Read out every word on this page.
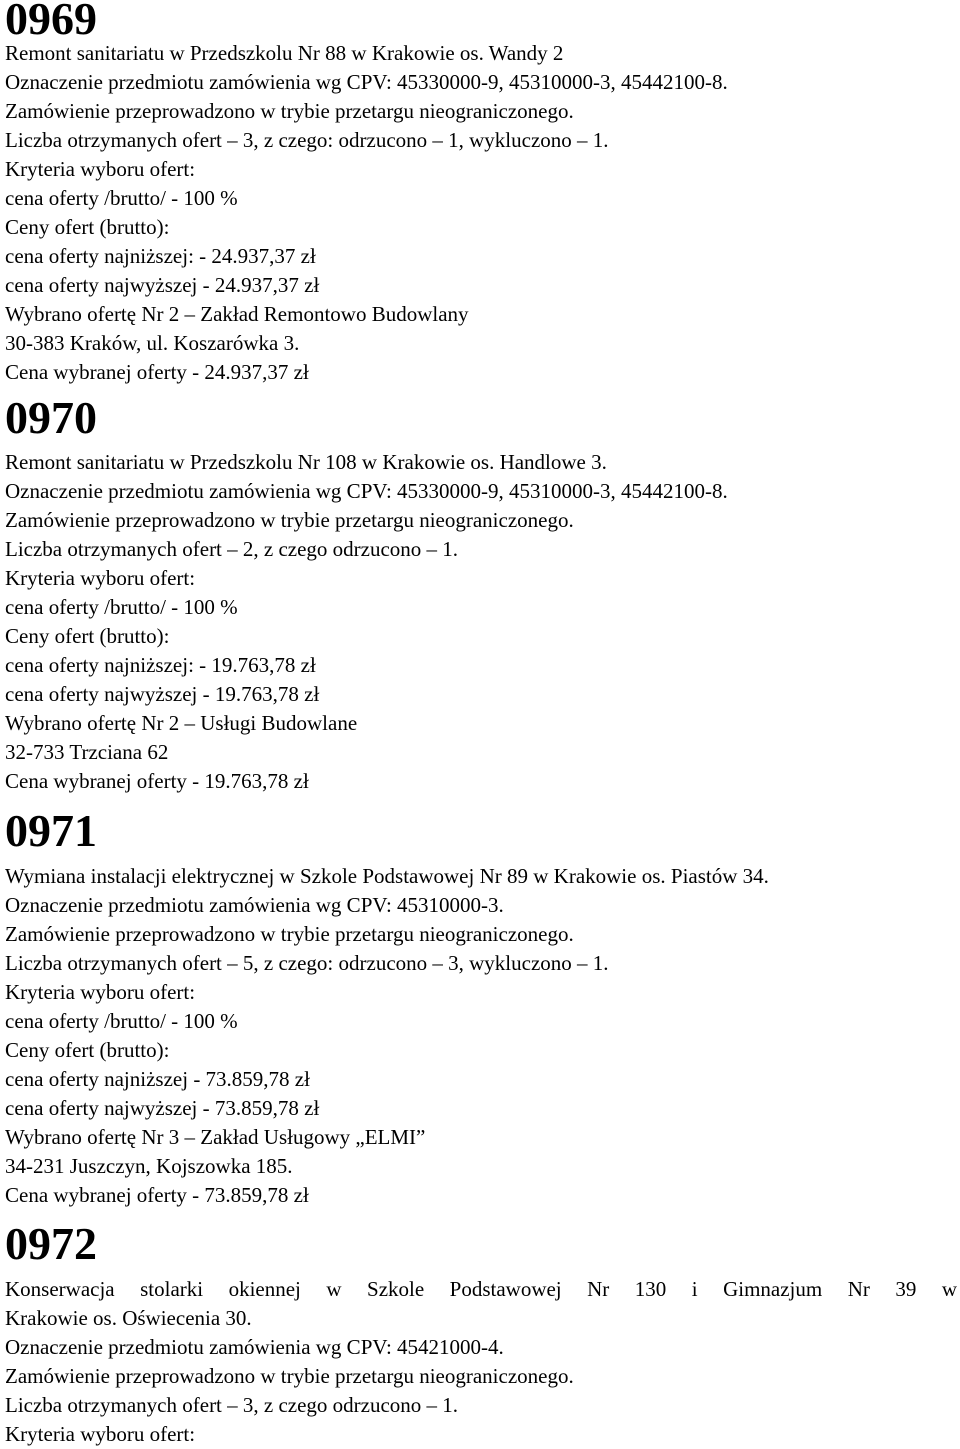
0969
Remont sanitariatu w Przedszkolu Nr 88 w Krakowie os. Wandy 2
Oznaczenie przedmiotu zamówienia wg CPV: 45330000-9, 45310000-3, 45442100-8.
Zamówienie przeprowadzono w trybie przetargu nieograniczonego.
Liczba otrzymanych ofert – 3, z czego: odrzucono – 1, wykluczono – 1.
Kryteria wyboru ofert:
cena oferty /brutto/ - 100 %
Ceny ofert (brutto):
cena oferty najniższej: - 24.937,37 zł
cena oferty najwyższej - 24.937,37 zł
Wybrano ofertę Nr 2 – Zakład Remontowo Budowlany
30-383 Kraków, ul. Koszarówka 3.
Cena wybranej oferty - 24.937,37 zł
0970
Remont sanitariatu w Przedszkolu Nr 108 w Krakowie os. Handlowe 3.
Oznaczenie przedmiotu zamówienia wg CPV: 45330000-9, 45310000-3, 45442100-8.
Zamówienie przeprowadzono w trybie przetargu nieograniczonego.
Liczba otrzymanych ofert – 2, z czego odrzucono – 1.
Kryteria wyboru ofert:
cena oferty /brutto/ - 100 %
Ceny ofert (brutto):
cena oferty najniższej: - 19.763,78 zł
cena oferty najwyższej - 19.763,78 zł
Wybrano ofertę Nr 2 – Usługi Budowlane
32-733 Trzciana 62
Cena wybranej oferty - 19.763,78 zł
0971
Wymiana instalacji elektrycznej w Szkole Podstawowej Nr 89 w Krakowie os. Piastów 34.
Oznaczenie przedmiotu zamówienia wg CPV: 45310000-3.
Zamówienie przeprowadzono w trybie przetargu nieograniczonego.
Liczba otrzymanych ofert – 5, z czego: odrzucono – 3, wykluczono – 1.
Kryteria wyboru ofert:
cena oferty /brutto/ - 100 %
Ceny ofert (brutto):
cena oferty najniższej - 73.859,78 zł
cena oferty najwyższej - 73.859,78 zł
Wybrano ofertę Nr 3 – Zakład Usługowy „ELMI”
34-231 Juszczyn, Kojszowka 185.
Cena wybranej oferty - 73.859,78 zł
0972
Konserwacja stolarki okiennej w Szkole Podstawowej Nr 130 i Gimnazjum Nr 39 w
Krakowie os. Oświecenia 30.
Oznaczenie przedmiotu zamówienia wg CPV: 45421000-4.
Zamówienie przeprowadzono w trybie przetargu nieograniczonego.
Liczba otrzymanych ofert – 3, z czego odrzucono – 1.
Kryteria wyboru ofert:
